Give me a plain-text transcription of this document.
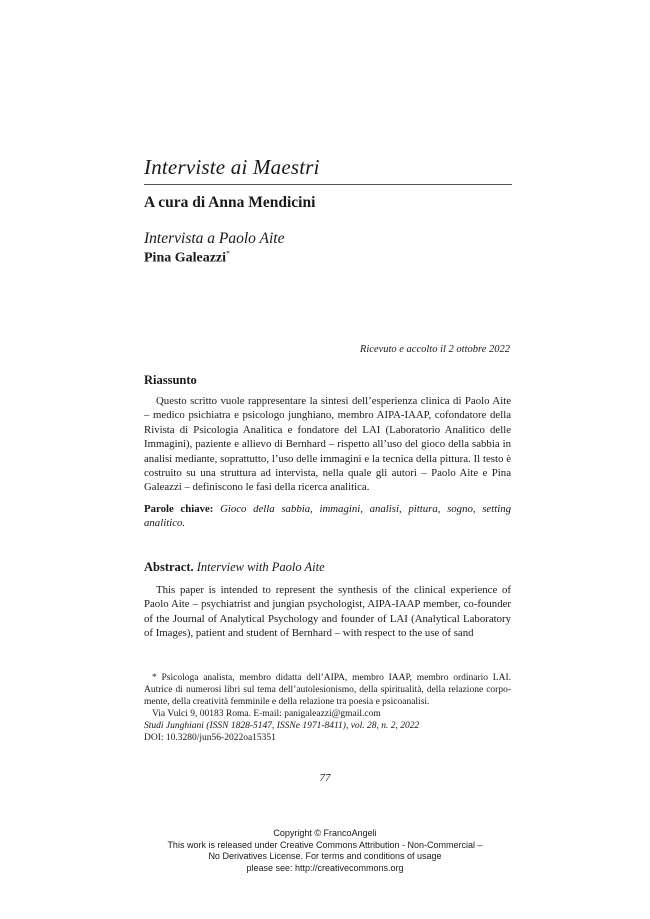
Interviste ai Maestri
A cura di Anna Mendicini
Intervista a Paolo Aite
Pina Galeazzi*
Ricevuto e accolto il 2 ottobre 2022
Riassunto

Questo scritto vuole rappresentare la sintesi dell’esperienza clinica di Paolo Aite – medico psichiatra e psicologo junghiano, membro AIPA-IAAP, cofondatore della Rivista di Psicologia Analitica e fondatore del LAI (Laboratorio Analitico delle Immagini), paziente e allievo di Bernhard – rispetto all’uso del gioco della sabbia in analisi mediante, soprattutto, l’uso delle immagini e la tecnica della pittura. Il testo è costruito su una struttura ad intervista, nella quale gli autori – Paolo Aite e Pina Galeazzi – definiscono le fasi della ricerca analitica.

Parole chiave: Gioco della sabbia, immagini, analisi, pittura, sogno, setting analitico.

Abstract. Interview with Paolo Aite

This paper is intended to represent the synthesis of the clinical experience of Paolo Aite – psychiatrist and jungian psychologist, AIPA-IAAP member, co-founder of the Journal of Analytical Psychology and founder of LAI (Analytical Laboratory of Images), patient and student of Bernhard – with respect to the use of sand

* Psicologa analista, membro didatta dell’AIPA, membro IAAP, membro ordinario LAI. Autrice di numerosi libri sul tema dell’autolesionismo, della spiritualità, della relazione corpo-mente, della creatività femminile e della relazione tra poesia e psicoanalisi.

Via Vulci 9, 00183 Roma. E-mail: panigaleazzi@gmail.com

Studi Junghiani (ISSN 1828-5147, ISSNe 1971-8411), vol. 28, n. 2, 2022
DOI: 10.3280/jun56-2022oa15351
77
Copyright © FrancoAngeli
This work is released under Creative Commons Attribution - Non-Commercial –
No Derivatives License. For terms and conditions of usage
please see: http://creativecommons.org
